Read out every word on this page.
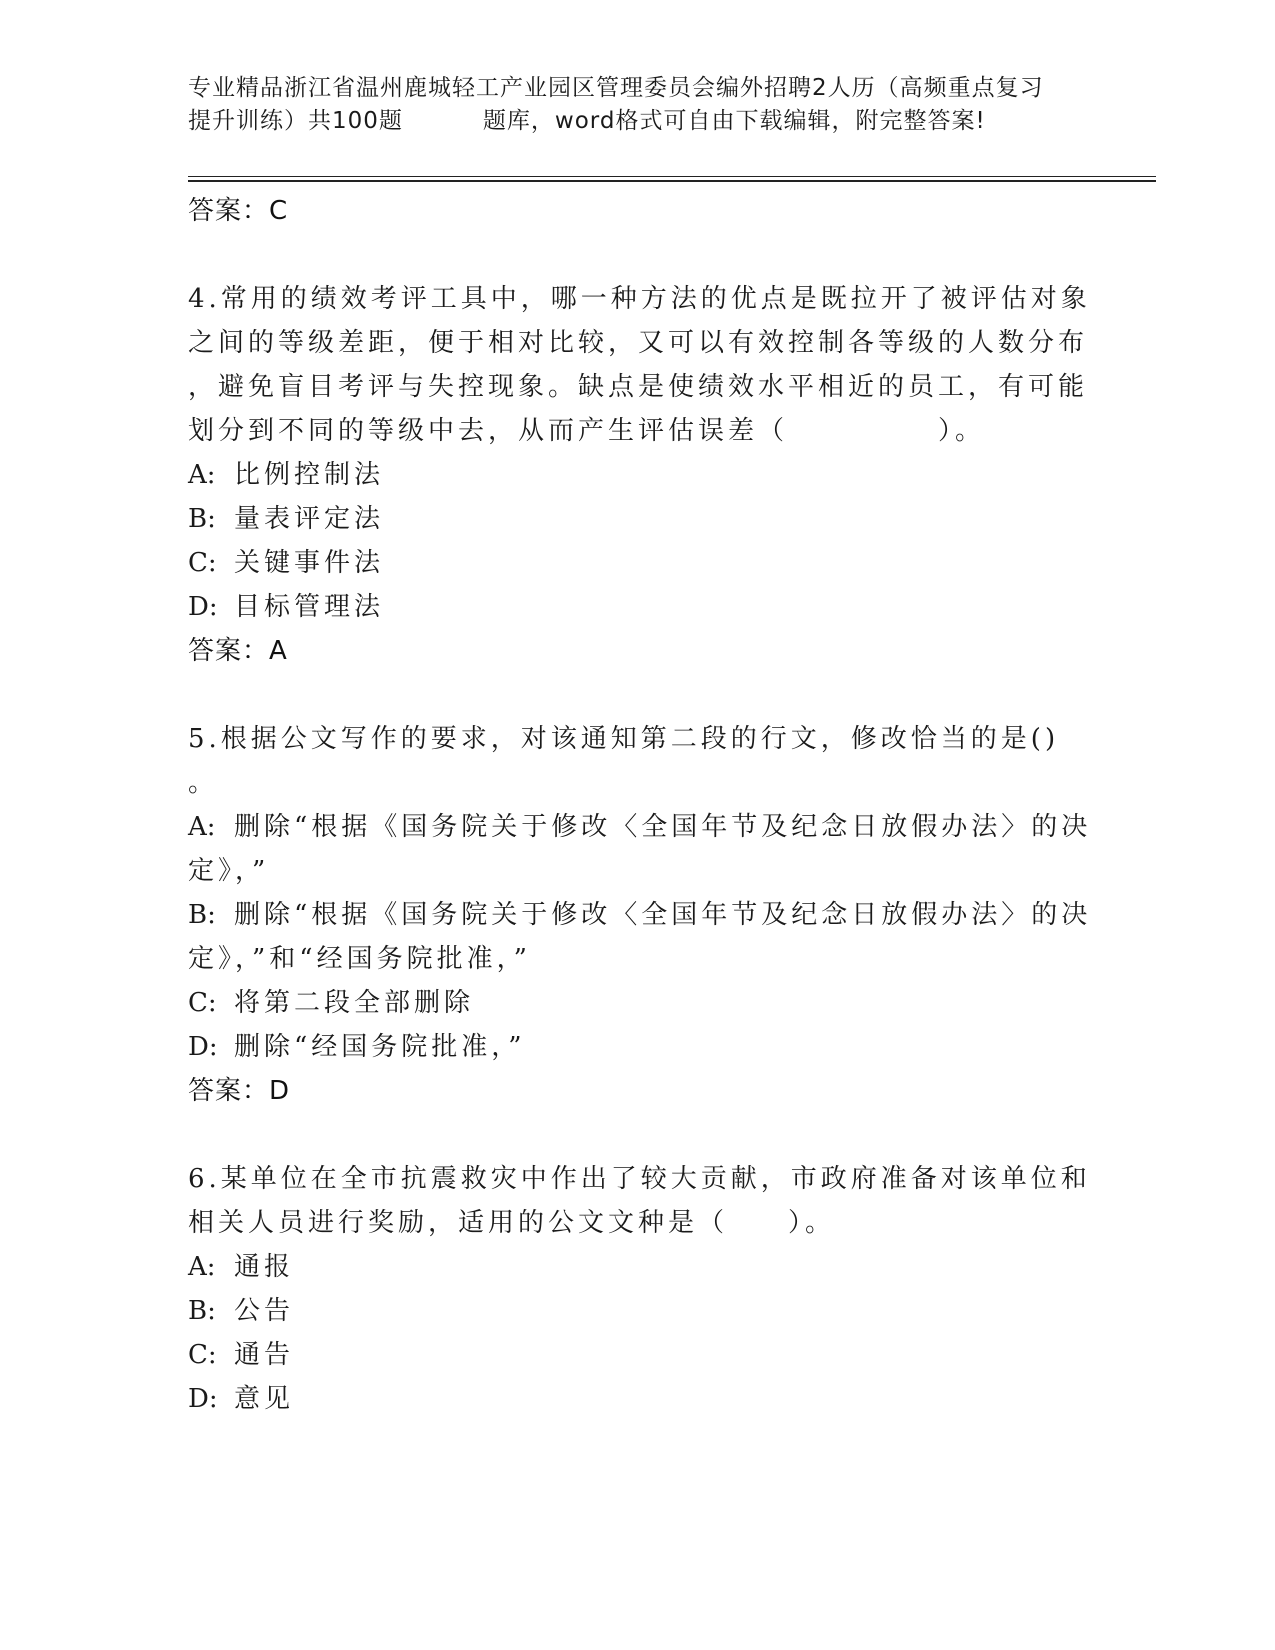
专业精品浙江省温州鹿城轻工产业园区管理委员会编外招聘2人历（高频重点复习
提升训练）共100题	题库，word格式可自由下载编辑，附完整答案!
答案：C
4.常用的绩效考评工具中，哪一种方法的优点是既拉开了被评估对象
之间的等级差距，便于相对比较，又可以有效控制各等级的人数分布
，避免盲目考评与失控现象。缺点是使绩效水平相近的员工，有可能
划分到不同的等级中去，从而产生评估误差（　　　　　）。
A: 比例控制法
B: 量表评定法
C: 关键事件法
D: 目标管理法
答案：A
5.根据公文写作的要求，对该通知第二段的行文，修改恰当的是()
。
A: 删除“根据《国务院关于修改〈全国年节及纪念日放假办法〉的决
定》，”
B: 删除“根据《国务院关于修改〈全国年节及纪念日放假办法〉的决
定》，”和“经国务院批准，”
C: 将第二段全部删除
D: 删除“经国务院批准，”
答案：D
6.某单位在全市抗震救灾中作出了较大贡献，市政府准备对该单位和
相关人员进行奖励，适用的公文文种是（　　）。
A: 通报
B: 公告
C: 通告
D: 意见
